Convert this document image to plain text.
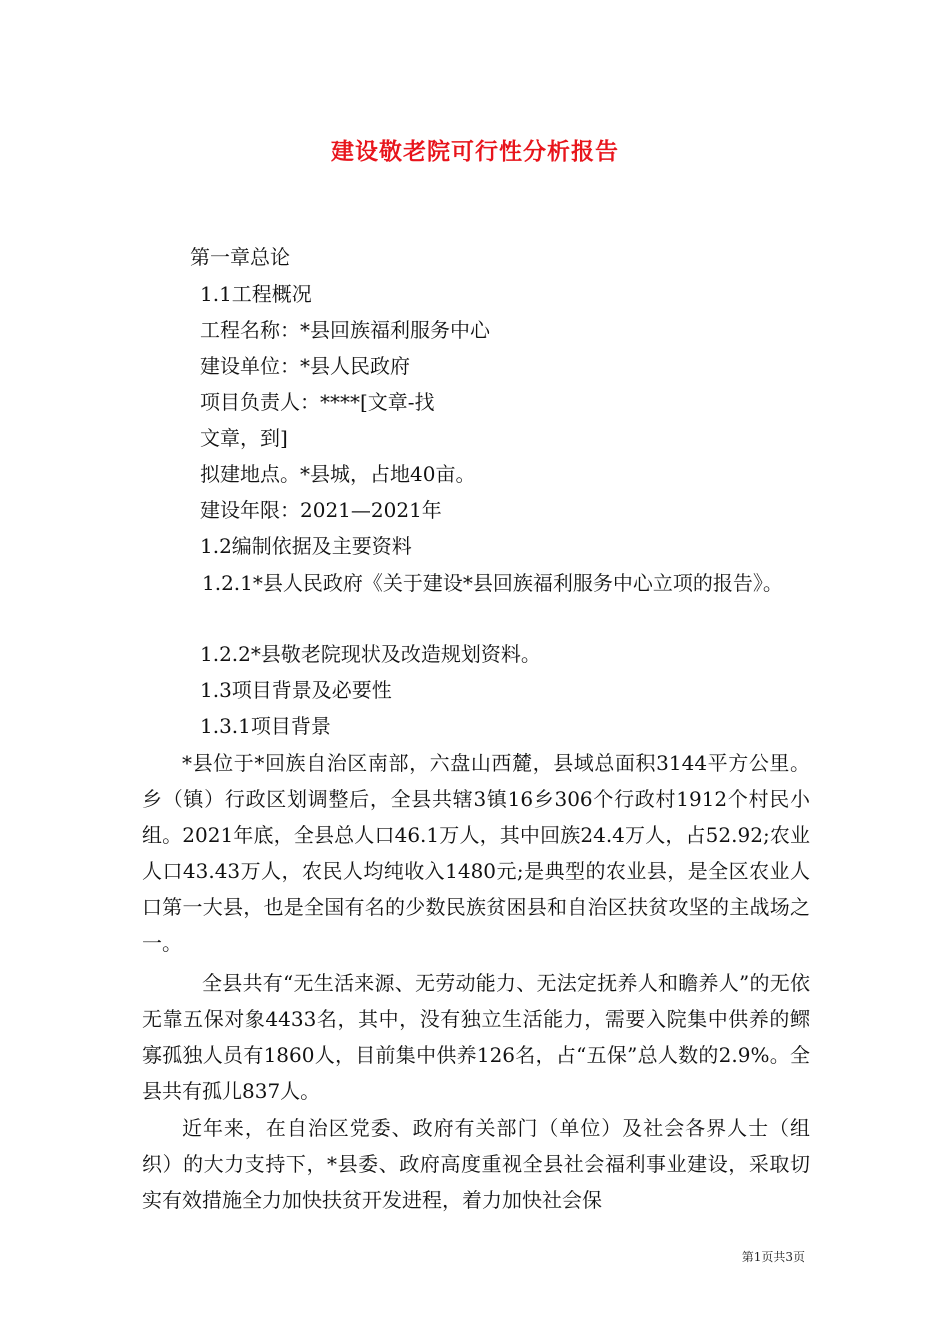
建设敬老院可行性分析报告
第一章总论
1.1工程概况
工程名称：*县回族福利服务中心
建设单位：*县人民政府
项目负责人：****[文章-找
文章，到]
拟建地点。*县城，占地40亩。
建设年限：2021—2021年
1.2编制依据及主要资料

1.2.1*县人民政府《关于建设*县回族福利服务中心立项的报告》。

1.2.2*县敬老院现状及改造规划资料。
1.3项目背景及必要性
1.3.1项目背景

*县位于*回族自治区南部，六盘山西麓，县域总面积3144平方公里。乡（镇）行政区划调整后，全县共辖3镇16乡306个行政村1912个村民小组。2021年底，全县总人口46.1万人，其中回族24.4万人，占52.92;农业人口43.43万人，农民人均纯收入1480元;是典型的农业县，是全区农业人口第一大县，也是全国有名的少数民族贫困县和自治区扶贫攻坚的主战场之一。

全县共有“无生活来源、无劳动能力、无法定抚养人和瞻养人”的无依无靠五保对象4433名，其中，没有独立生活能力，需要入院集中供养的鳏寡孤独人员有1860人，目前集中供养126名，占“五保”总人数的2.9%。全县共有孤儿837人。

近年来，在自治区党委、政府有关部门（单位）及社会各界人士（组织）的大力支持下，*县委、政府高度重视全县社会福利事业建设，采取切实有效措施全力加快扶贫开发进程，着力加快社会保

第1页共3页
